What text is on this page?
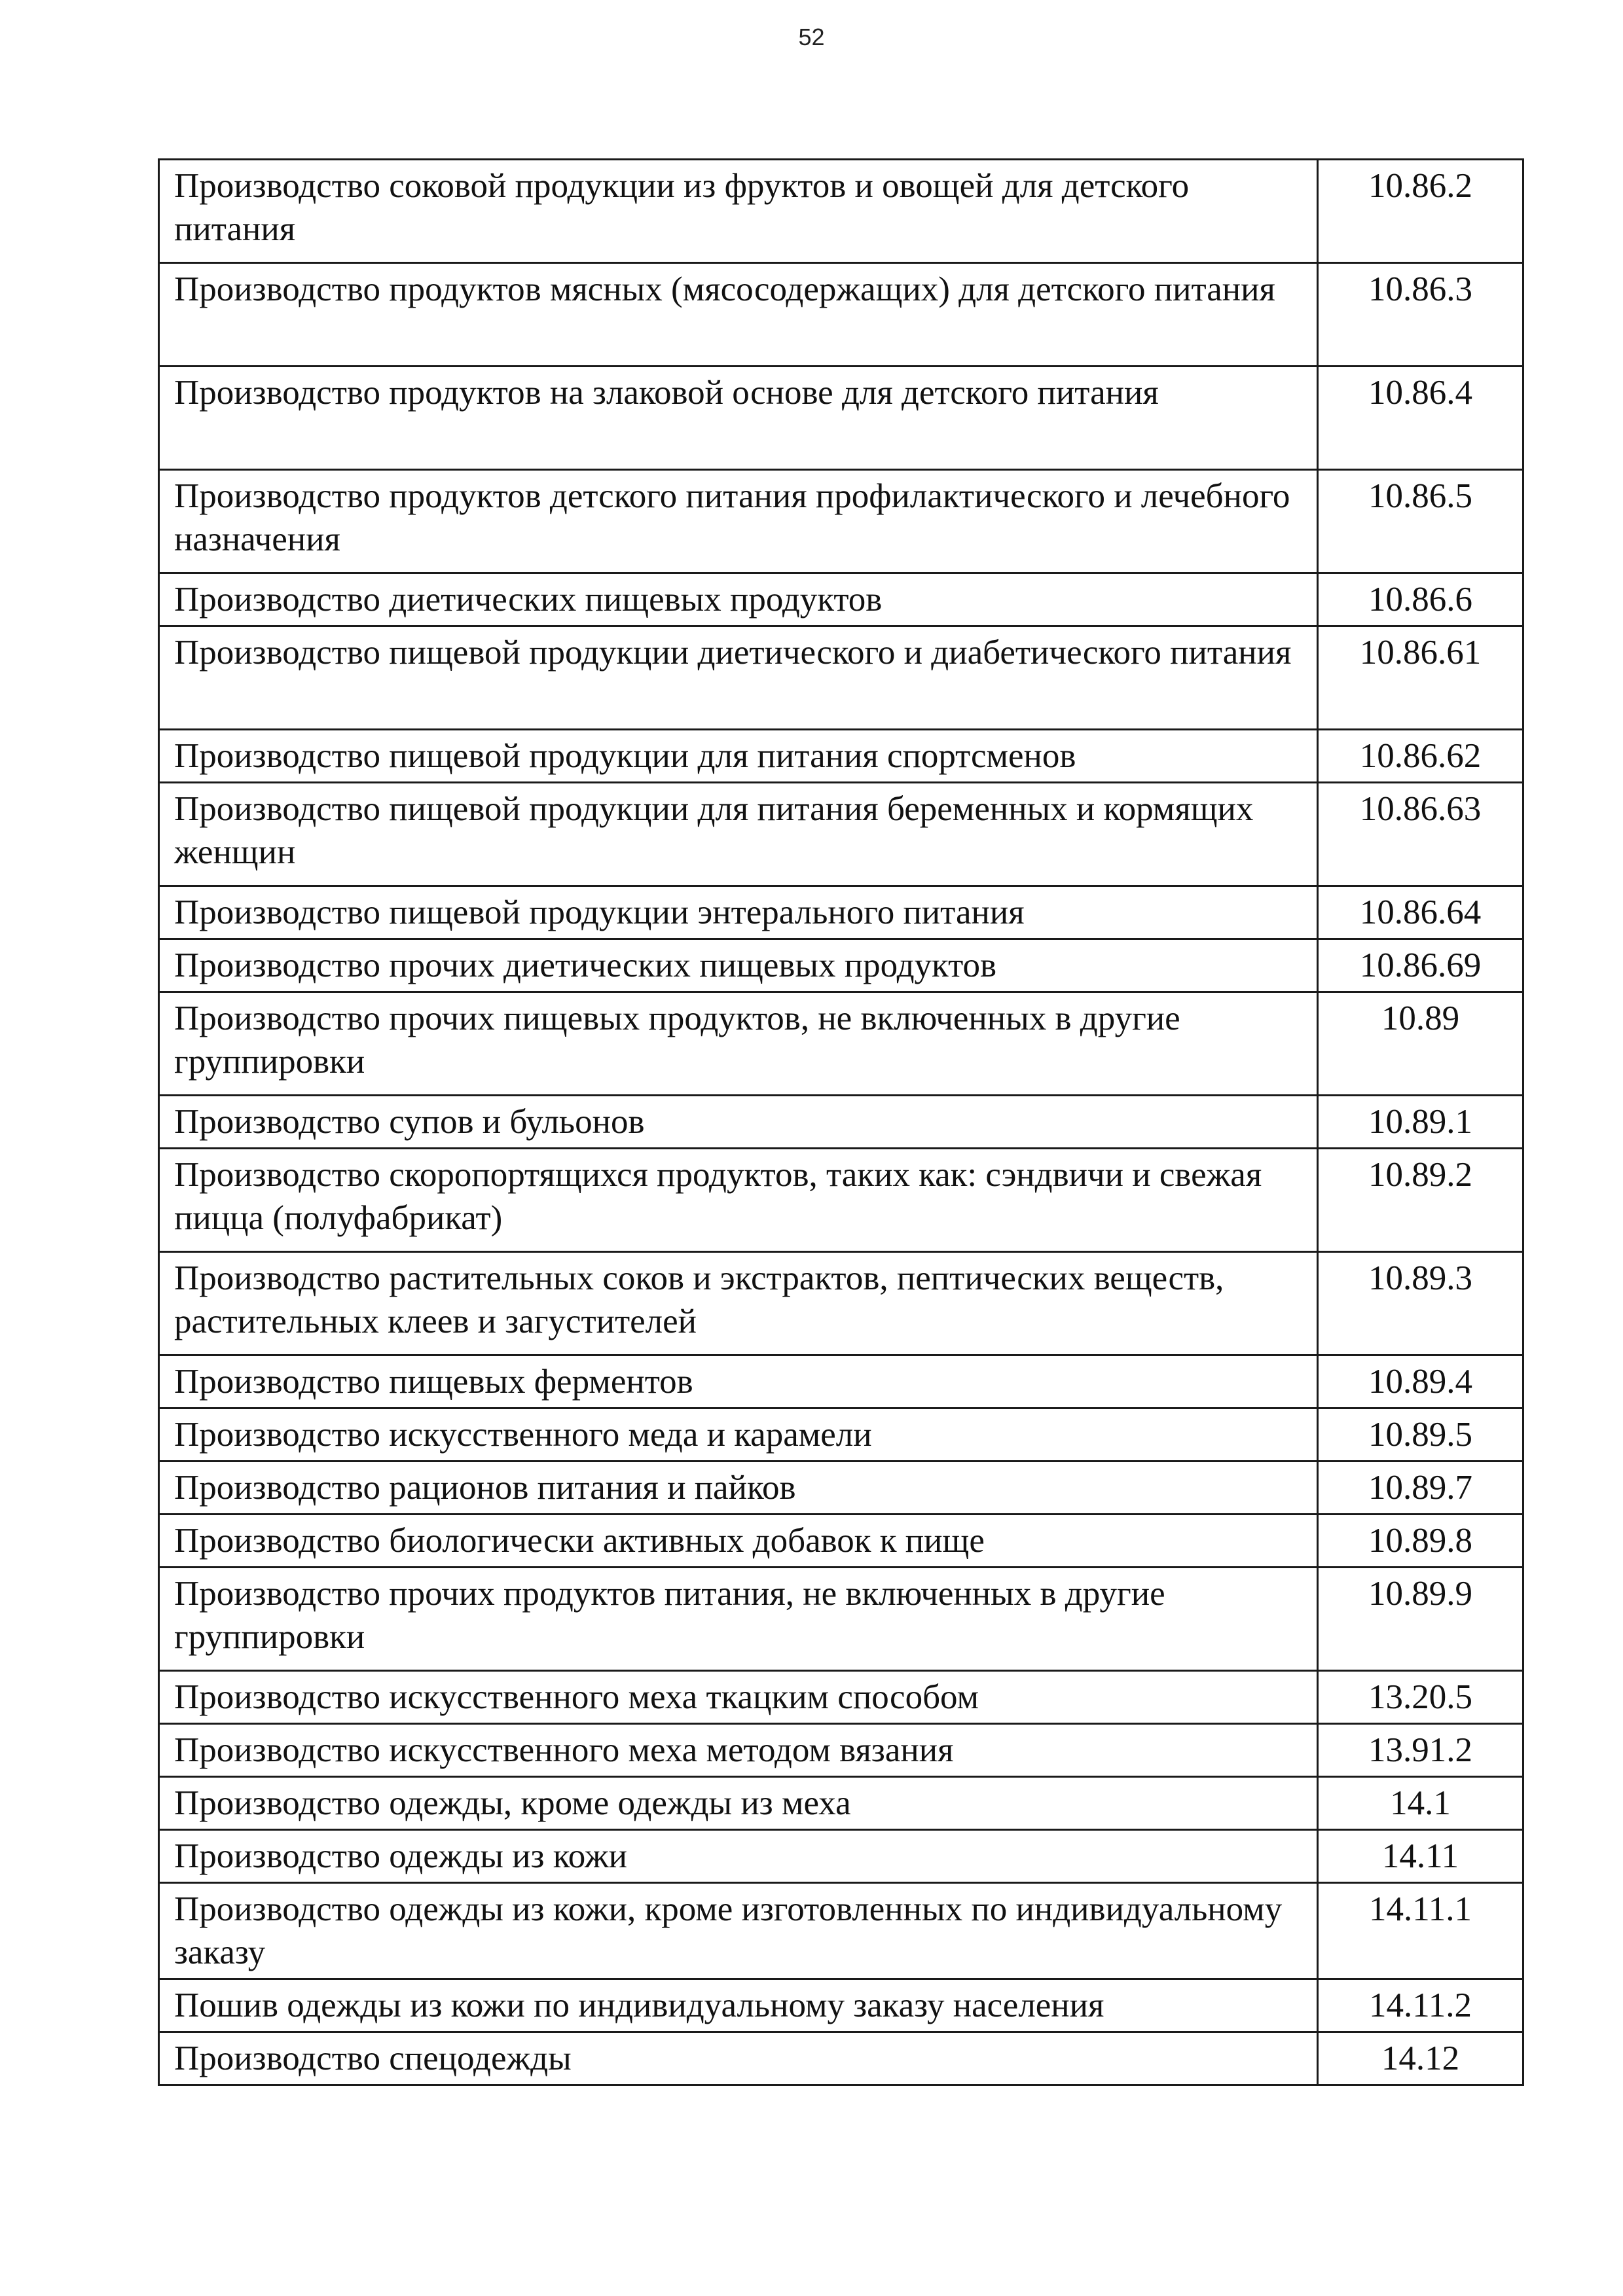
52
Производство соковой продукции из фруктов и овощей для детского питания	10.86.2
Производство продуктов мясных (мясосодержащих) для детского питания	10.86.3
Производство продуктов на злаковой основе для детского питания	10.86.4
Производство продуктов детского питания профилактического и лечебного назначения	10.86.5
Производство диетических пищевых продуктов	10.86.6
Производство пищевой продукции диетического и диабетического питания	10.86.61
Производство пищевой продукции для питания спортсменов	10.86.62
Производство пищевой продукции для питания беременных и кормящих женщин	10.86.63
Производство пищевой продукции энтерального питания	10.86.64
Производство прочих диетических пищевых продуктов	10.86.69
Производство прочих пищевых продуктов, не включенных в другие группировки	10.89
Производство супов и бульонов	10.89.1
Производство скоропортящихся продуктов, таких как: сэндвичи и свежая пицца (полуфабрикат)	10.89.2
Производство растительных соков и экстрактов, пептических веществ, растительных клеев и загустителей	10.89.3
Производство пищевых ферментов	10.89.4
Производство искусственного меда и карамели	10.89.5
Производство рационов питания и пайков	10.89.7
Производство биологически активных добавок к пище	10.89.8
Производство прочих продуктов питания, не включенных в другие группировки	10.89.9
Производство искусственного меха ткацким способом	13.20.5
Производство искусственного меха методом вязания	13.91.2
Производство одежды, кроме одежды из меха	14.1
Производство одежды из кожи	14.11
Производство одежды из кожи, кроме изготовленных по индивидуальному заказу	14.11.1
Пошив одежды из кожи по индивидуальному заказу населения	14.11.2
Производство спецодежды	14.12
